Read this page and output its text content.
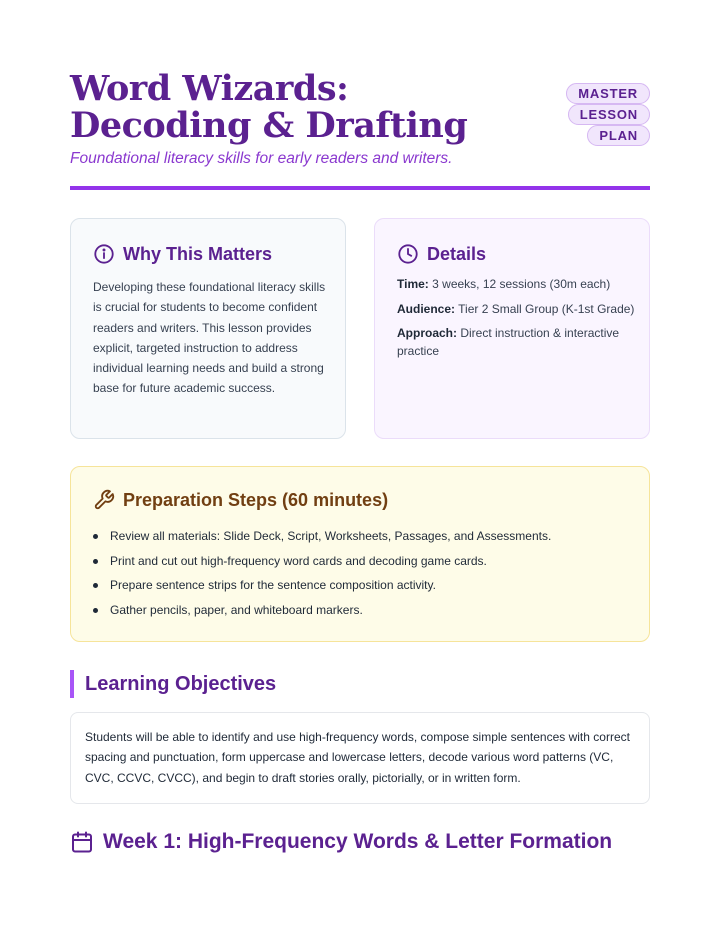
Word Wizards: Decoding & Drafting
MASTER LESSON PLAN
Foundational literacy skills for early readers and writers.
Why This Matters

Developing these foundational literacy skills is crucial for students to become confident readers and writers. This lesson provides explicit, targeted instruction to address individual learning needs and build a strong base for future academic success.

Details

Time: 3 weeks, 12 sessions (30m each)

Audience: Tier 2 Small Group (K-1st Grade)

Approach: Direct instruction & interactive practice

Preparation Steps (60 minutes)
Review all materials: Slide Deck, Script, Worksheets, Passages, and Assessments.
Print and cut out high-frequency word cards and decoding game cards.
Prepare sentence strips for the sentence composition activity.
Gather pencils, paper, and whiteboard markers.
Learning Objectives

Students will be able to identify and use high-frequency words, compose simple sentences with correct spacing and punctuation, form uppercase and lowercase letters, decode various word patterns (VC, CVC, CCVC, CVCC), and begin to draft stories orally, pictorially, or in written form.

Week 1: High-Frequency Words & Letter Formation
